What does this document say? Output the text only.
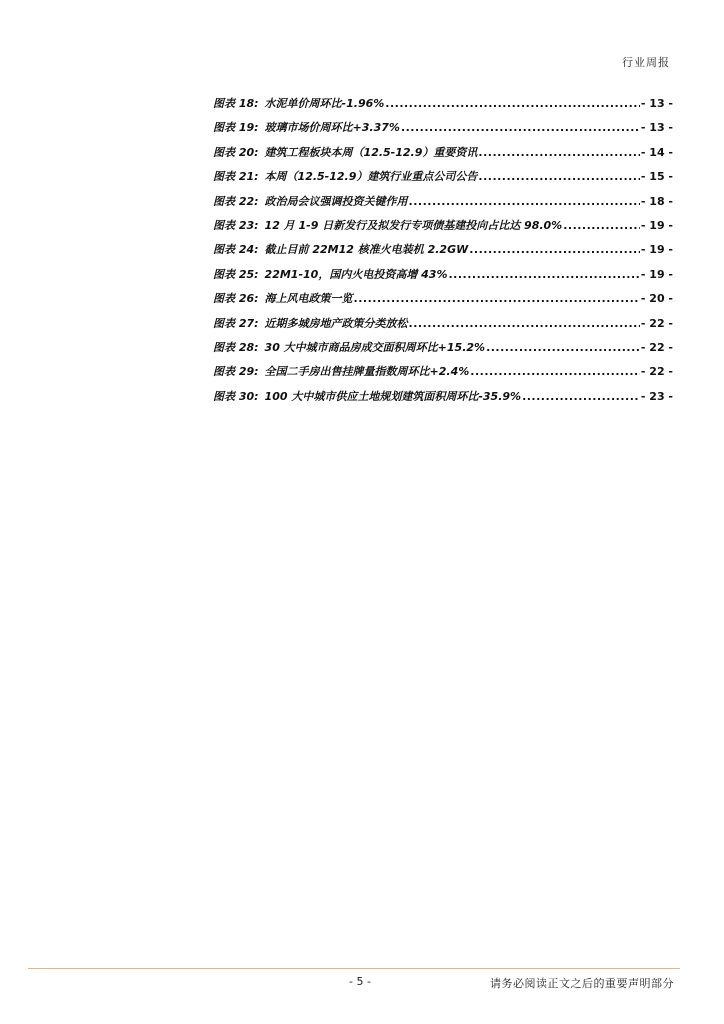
行业周报
图表 18 : 水泥单价周环比-1.96% .....	- 13 -
图表 19 : 玻璃市场价周环比+3.37% .....	- 13 -
图表 20 : 建筑工程板块本周（12.5-12.9）重要资讯 .....	- 14 -
图表 21 : 本周（12.5-12.9）建筑行业重点公司公告 .....	- 15 -
图表 22 : 政治局会议强调投资关键作用 .....	- 18 -
图表 23 : 12 月 1-9 日新发行及拟发行专项债基建投向占比达 98.0% .....	- 19 -
图表 24 : 截止目前 22M12 核准火电装机 2.2GW .....	- 19 -
图表 25 : 22M1-10，国内火电投资高增 43% .....	- 19 -
图表 26 : 海上风电政策一览 .....	- 20 -
图表 27 : 近期多城房地产政策分类放松 .....	- 22 -
图表 28 : 30 大中城市商品房成交面积周环比+15.2% .....	- 22 -
图表 29 : 全国二手房出售挂牌量指数周环比+2.4% .....	- 22 -
图表 30 : 100 大中城市供应土地规划建筑面积周环比-35.9% .....	- 23 -
- 5 -	请务必阅读正文之后的重要声明部分
